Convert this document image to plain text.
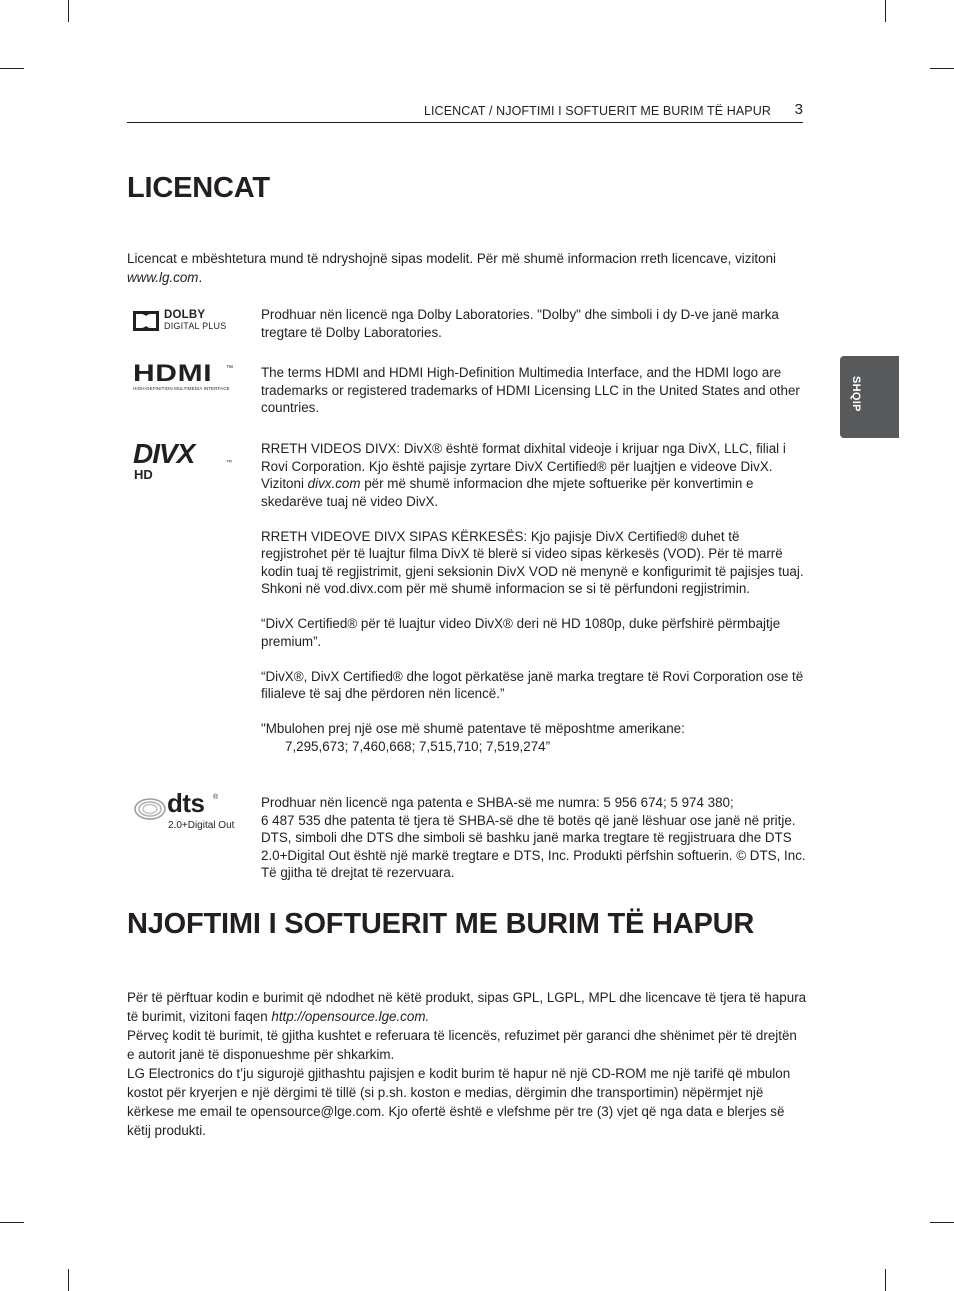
LICENCAT / NJOFTIMI I SOFTUERIT ME BURIM TË HAPUR 3
SHQIP
LICENCAT

Licencat e mbështetura mund të ndryshojnë sipas modelit. Për më shumë informacion rreth licencave, vizitoni www.lg.com.

DOLBY
DIGITAL PLUS

Prodhuar nën licencë nga Dolby Laboratories. "Dolby" dhe simboli i dy D-ve janë marka tregtare të Dolby Laboratories.

HDMI ™
HIGH-DEFINITION MULTIMEDIA INTERFACE

The terms HDMI and HDMI High-Definition Multimedia Interface, and the HDMI logo are trademarks or registered trademarks of HDMI Licensing LLC in the United States and other countries.

DIVX	™
HD

RRETH VIDEOS DIVX: DivX® është format dixhital videoje i krijuar nga DivX, LLC, filial i Rovi Corporation. Kjo është pajisje zyrtare DivX Certified® për luajtjen e videove DivX. Vizitoni divx.com për më shumë informacion dhe mjete softuerike për konvertimin e skedarëve tuaj në video DivX.

RRETH VIDEOVE DIVX SIPAS KËRKESËS: Kjo pajisje DivX Certified® duhet të regjistrohet për të luajtur filma DivX të blerë si video sipas kërkesës (VOD). Për të marrë kodin tuaj të regjistrimit, gjeni seksionin DivX VOD në menynë e konfigurimit të pajisjes tuaj. Shkoni në vod.divx.com për më shumë informacion se si të përfundoni regjistrimin.

“DivX Certified® për të luajtur video DivX® deri në HD 1080p, duke përfshirë përmbajtje premium”.

“DivX®, DivX Certified® dhe logot përkatëse janë marka tregtare të Rovi Corporation ose të filialeve të saj dhe përdoren nën licencë.”

"Mbulohen prej një ose më shumë patentave të mëposhtme amerikane:
7,295,673; 7,460,668; 7,515,710; 7,519,274”

dts ®
2.0+Digital Out
Prodhuar nën licencë nga patenta e SHBA-së me numra: 5 956 674; 5 974 380;
6 487 535 dhe patenta të tjera të SHBA-së dhe të botës që janë lëshuar ose janë në pritje. DTS, simboli dhe DTS dhe simboli së bashku janë marka tregtare të regjistruara dhe DTS 2.0+Digital Out është një markë tregtare e DTS, Inc. Produkti përfshin softuerin. © DTS, Inc. Të gjitha të drejtat të rezervuara.
NJOFTIMI I SOFTUERIT ME BURIM TË HAPUR
Për të përftuar kodin e burimit që ndodhet në këtë produkt, sipas GPL, LGPL, MPL dhe licencave të tjera të hapura të burimit, vizitoni faqen http://opensource.lge.com.
Përveç kodit të burimit, të gjitha kushtet e referuara të licencës, refuzimet për garanci dhe shënimet për të drejtën e autorit janë të disponueshme për shkarkim.
LG Electronics do t’ju sigurojë gjithashtu pajisjen e kodit burim të hapur në një CD-ROM me një tarifë që mbulon kostot për kryerjen e një dërgimi të tillë (si p.sh. koston e medias, dërgimin dhe transportimin) nëpërmjet një kërkese me email te opensource@lge.com. Kjo ofertë është e vlefshme për tre (3) vjet që nga data e blerjes së këtij produkti.
